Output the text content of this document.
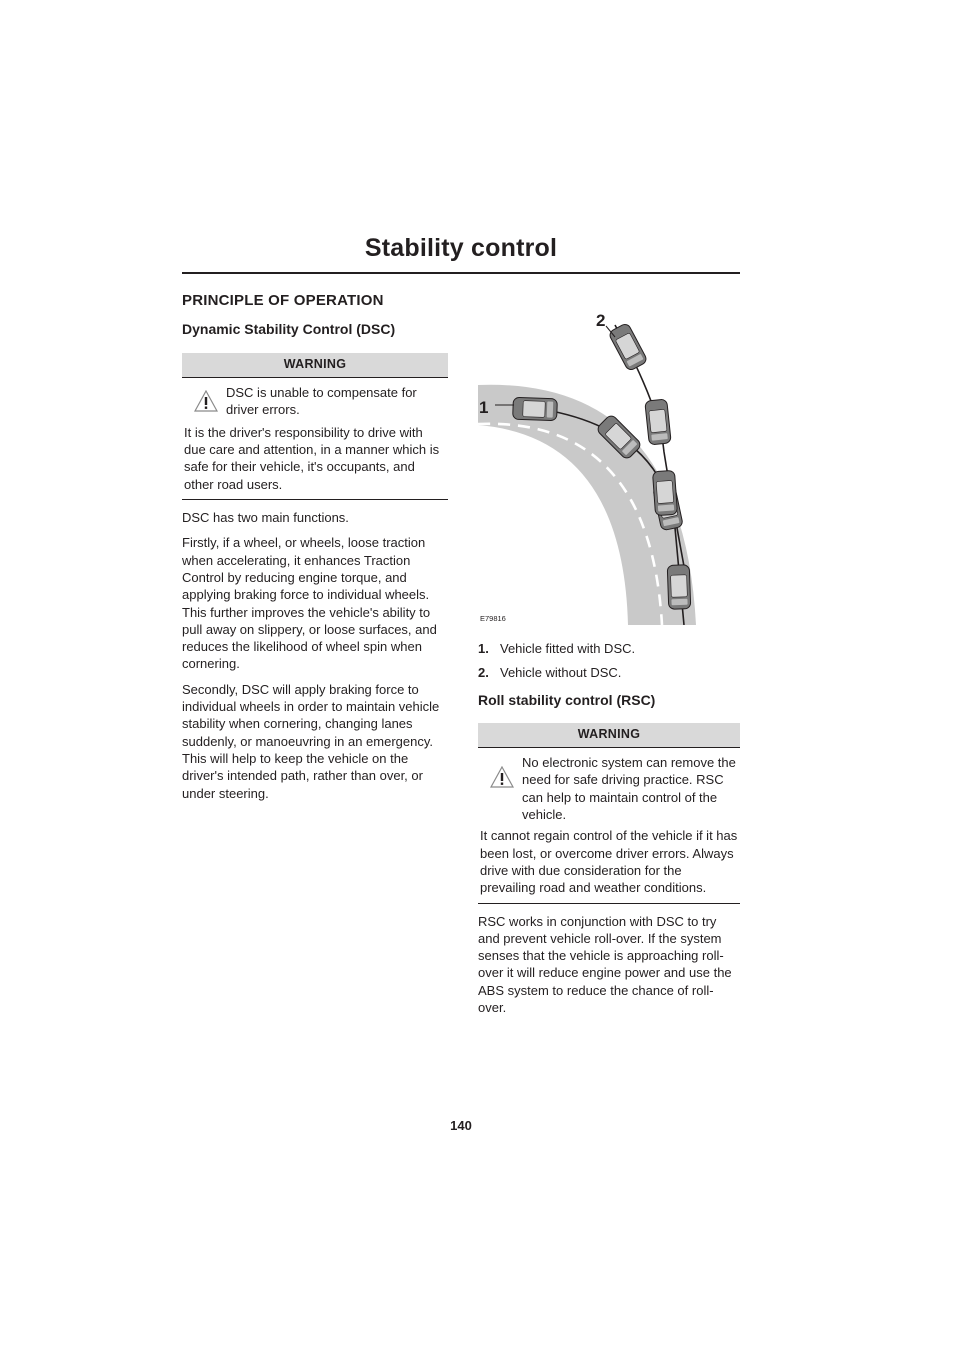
Stability control
PRINCIPLE OF OPERATION
Dynamic Stability Control (DSC)
WARNING
DSC is unable to compensate for driver errors.
It is the driver's responsibility to drive with due care and attention, in a manner which is safe for their vehicle, it's occupants, and other road users.

DSC has two main functions.

Firstly, if a wheel, or wheels, loose traction when accelerating, it enhances Traction Control by reducing engine torque, and applying braking force to individual wheels. This further improves the vehicle's ability to pull away on slippery, or loose surfaces, and reduces the likelihood of wheel spin when cornering.

Secondly, DSC will apply braking force to individual wheels in order to maintain vehicle stability when cornering, changing lanes suddenly, or manoeuvring in an emergency. This will help to keep the vehicle on the driver's intended path, rather than over, or under steering.

1
2
E79816
1. Vehicle fitted with DSC.
2. Vehicle without DSC.
Roll stability control (RSC)
WARNING
No electronic system can remove the need for safe driving practice. RSC can help to maintain control of the vehicle.
It cannot regain control of the vehicle if it has been lost, or overcome driver errors. Always drive with due consideration for the prevailing road and weather conditions.

RSC works in conjunction with DSC to try and prevent vehicle roll-over. If the system senses that the vehicle is approaching roll-over it will reduce engine power and use the ABS system to reduce the chance of roll-over.

140
